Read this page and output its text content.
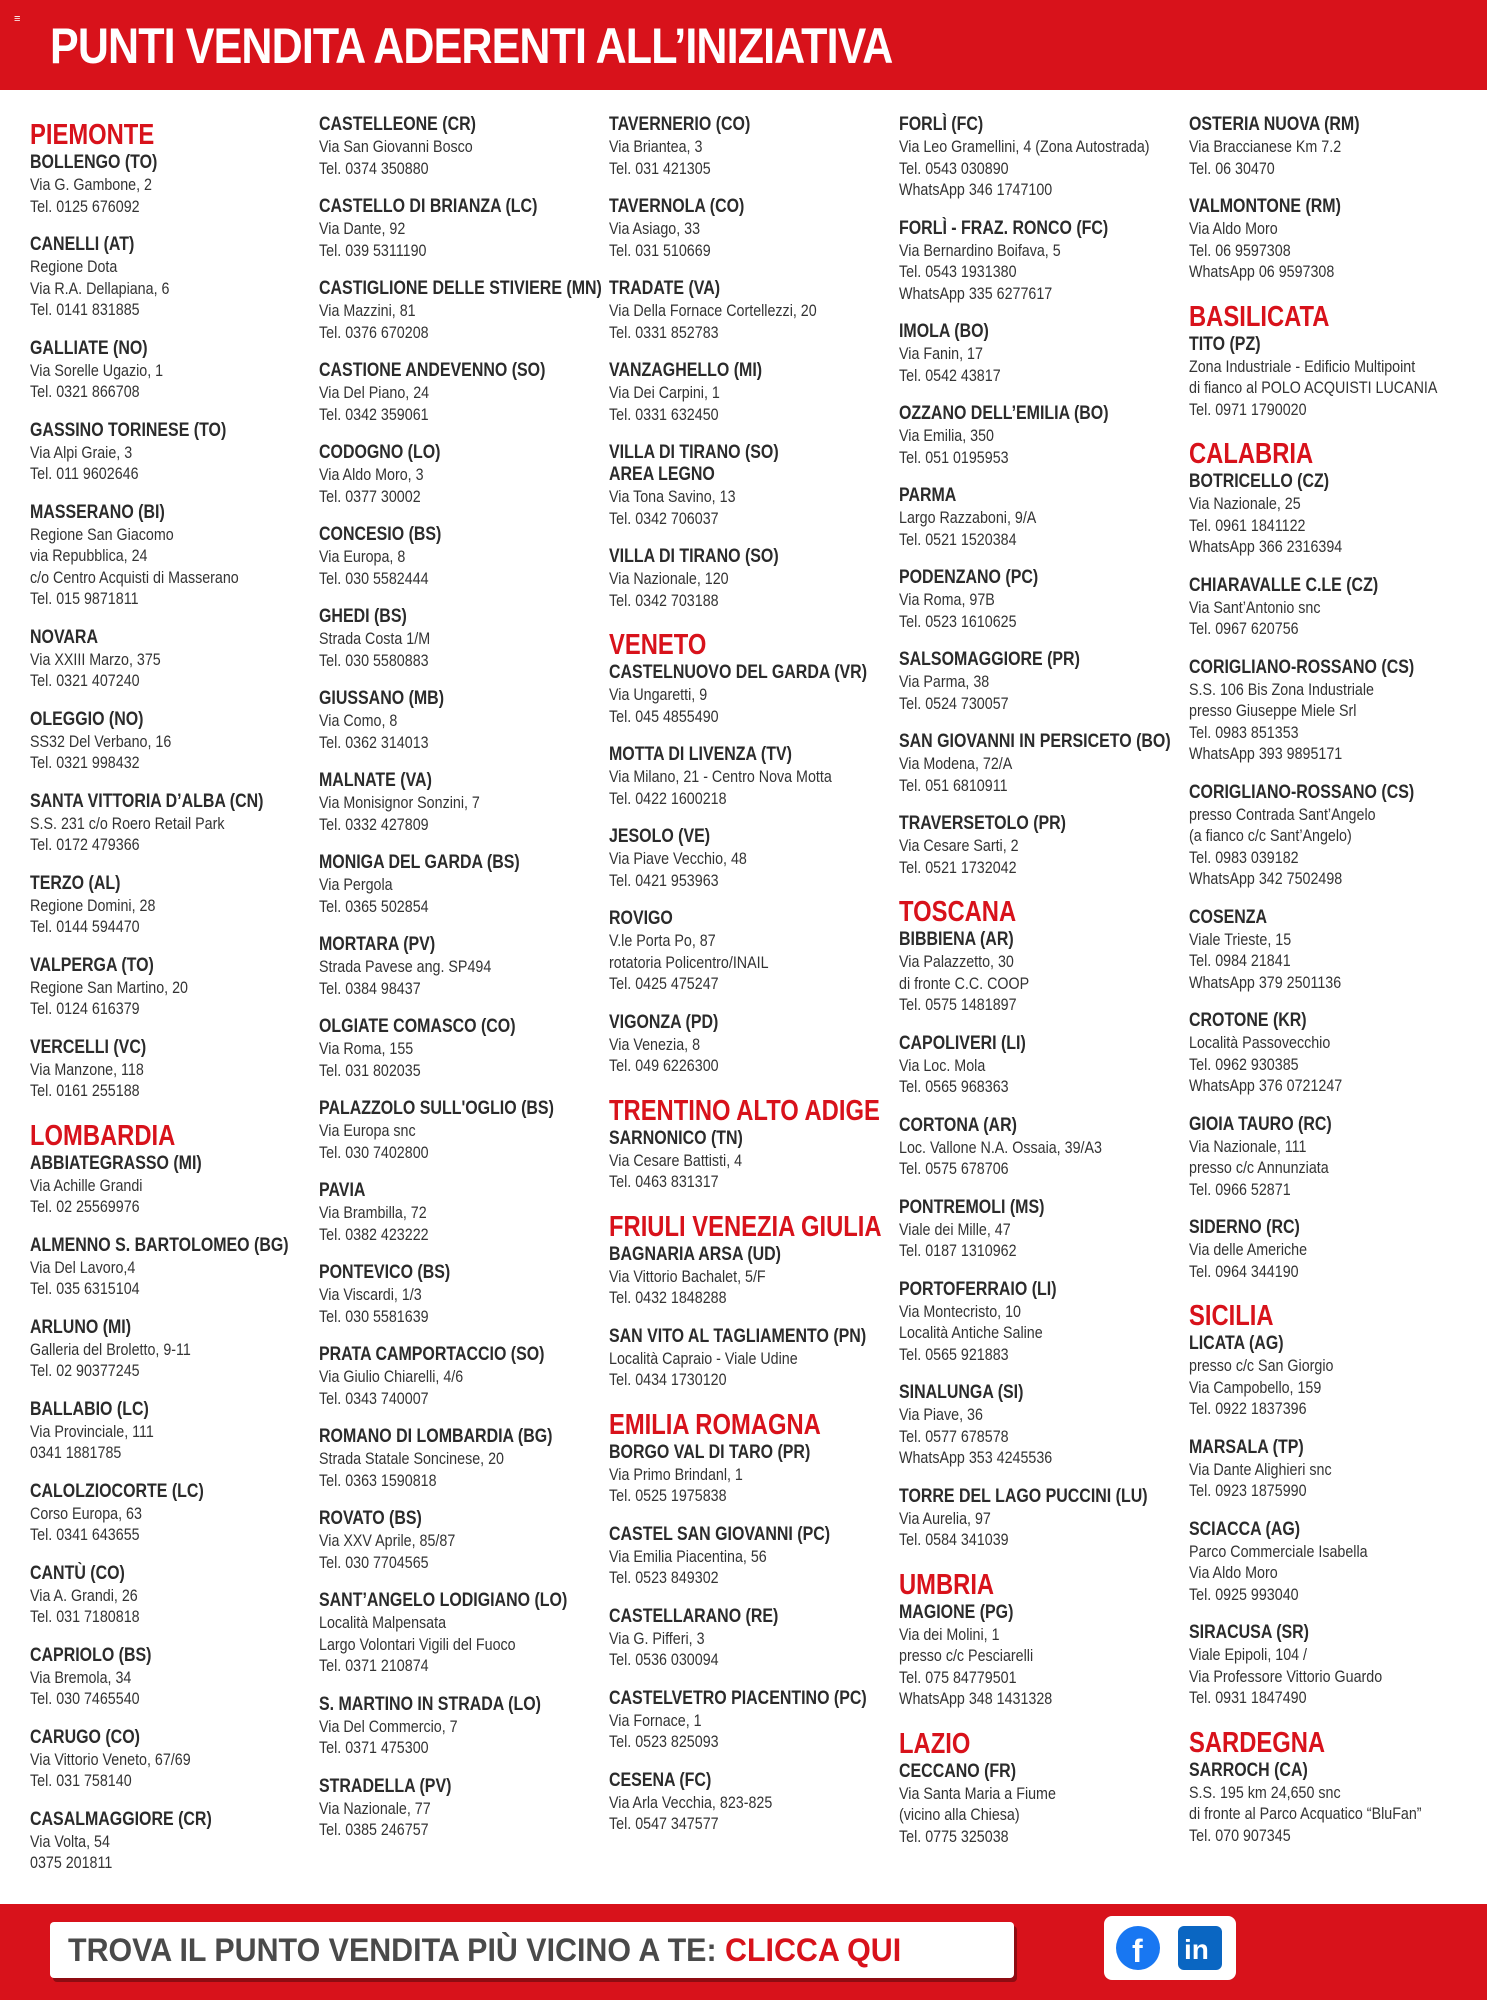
≡ PUNTI VENDITA ADERENTI ALL’INIZIATIVA
PIEMONTE
BOLLENGO (TO)
Via G. Gambone, 2
Tel. 0125 676092
CANELLI (AT)
Regione Dota
Via R.A. Dellapiana, 6
Tel. 0141 831885
GALLIATE (NO)
Via Sorelle Ugazio, 1
Tel. 0321 866708
GASSINO TORINESE (TO)
Via Alpi Graie, 3
Tel. 011 9602646
MASSERANO (BI)
Regione San Giacomo
via Repubblica, 24
c/o Centro Acquisti di Masserano
Tel. 015 9871811
NOVARA
Via XXIII Marzo, 375
Tel. 0321 407240
OLEGGIO (NO)
SS32 Del Verbano, 16
Tel. 0321 998432
SANTA VITTORIA D’ALBA (CN)
S.S. 231 c/o Roero Retail Park
Tel. 0172 479366
TERZO (AL)
Regione Domini, 28
Tel. 0144 594470
VALPERGA (TO)
Regione San Martino, 20
Tel. 0124 616379
VERCELLI (VC)
Via Manzone, 118
Tel. 0161 255188
LOMBARDIA
ABBIATEGRASSO (MI)
Via Achille Grandi
Tel. 02 25569976
ALMENNO S. BARTOLOMEO (BG)
Via Del Lavoro,4
Tel. 035 6315104
ARLUNO (MI)
Galleria del Broletto, 9-11
Tel. 02 90377245
BALLABIO (LC)
Via Provinciale, 111
0341 1881785
CALOLZIOCORTE (LC)
Corso Europa, 63
Tel. 0341 643655
CANTÙ (CO)
Via A. Grandi, 26
Tel. 031 7180818
CAPRIOLO (BS)
Via Bremola, 34
Tel. 030 7465540
CARUGO (CO)
Via Vittorio Veneto, 67/69
Tel. 031 758140
CASALMAGGIORE (CR)
Via Volta, 54
0375 201811
CASTELLEONE (CR)
Via San Giovanni Bosco
Tel. 0374 350880
CASTELLO DI BRIANZA (LC)
Via Dante, 92
Tel. 039 5311190
CASTIGLIONE DELLE STIVIERE (MN)
Via Mazzini, 81
Tel. 0376 670208
CASTIONE ANDEVENNO (SO)
Via Del Piano, 24
Tel. 0342 359061
CODOGNO (LO)
Via Aldo Moro, 3
Tel. 0377 30002
CONCESIO (BS)
Via Europa, 8
Tel. 030 5582444
GHEDI (BS)
Strada Costa 1/M
Tel. 030 5580883
GIUSSANO (MB)
Via Como, 8
Tel. 0362 314013
MALNATE (VA)
Via Monisignor Sonzini, 7
Tel. 0332 427809
MONIGA DEL GARDA (BS)
Via Pergola
Tel. 0365 502854
MORTARA (PV)
Strada Pavese ang. SP494
Tel. 0384 98437
OLGIATE COMASCO (CO)
Via Roma, 155
Tel. 031 802035
PALAZZOLO SULL'OGLIO (BS)
Via Europa snc
Tel. 030 7402800
PAVIA
Via Brambilla, 72
Tel. 0382 423222
PONTEVICO (BS)
Via Viscardi, 1/3
Tel. 030 5581639
PRATA CAMPORTACCIO (SO)
Via Giulio Chiarelli, 4/6
Tel. 0343 740007
ROMANO DI LOMBARDIA (BG)
Strada Statale Soncinese, 20
Tel. 0363 1590818
ROVATO (BS)
Via XXV Aprile, 85/87
Tel. 030 7704565
SANT’ANGELO LODIGIANO (LO)
Località Malpensata
Largo Volontari Vigili del Fuoco
Tel. 0371 210874
S. MARTINO IN STRADA (LO)
Via Del Commercio, 7
Tel. 0371 475300
STRADELLA (PV)
Via Nazionale, 77
Tel. 0385 246757
TAVERNERIO (CO)
Via Briantea, 3
Tel. 031 421305
TAVERNOLA (CO)
Via Asiago, 33
Tel. 031 510669
TRADATE (VA)
Via Della Fornace Cortellezzi, 20
Tel. 0331 852783
VANZAGHELLO (MI)
Via Dei Carpini, 1
Tel. 0331 632450
VILLA DI TIRANO (SO)
AREA LEGNO
Via Tona Savino, 13
Tel. 0342 706037
VILLA DI TIRANO (SO)
Via Nazionale, 120
Tel. 0342 703188
VENETO
CASTELNUOVO DEL GARDA (VR)
Via Ungaretti, 9
Tel. 045 4855490
MOTTA DI LIVENZA (TV)
Via Milano, 21 - Centro Nova Motta
Tel. 0422 1600218
JESOLO (VE)
Via Piave Vecchio, 48
Tel. 0421 953963
ROVIGO
V.le Porta Po, 87
rotatoria Policentro/INAIL
Tel. 0425 475247
VIGONZA (PD)
Via Venezia, 8
Tel. 049 6226300
TRENTINO ALTO ADIGE
SARNONICO (TN)
Via Cesare Battisti, 4
Tel. 0463 831317
FRIULI VENEZIA GIULIA
BAGNARIA ARSA (UD)
Via Vittorio Bachalet, 5/F
Tel. 0432 1848288
SAN VITO AL TAGLIAMENTO (PN)
Località Capraio - Viale Udine
Tel. 0434 1730120
EMILIA ROMAGNA
BORGO VAL DI TARO (PR)
Via Primo Brindanl, 1
Tel. 0525 1975838
CASTEL SAN GIOVANNI (PC)
Via Emilia Piacentina, 56
Tel. 0523 849302
CASTELLARANO (RE)
Via G. Pifferi, 3
Tel. 0536 030094
CASTELVETRO PIACENTINO (PC)
Via Fornace, 1
Tel. 0523 825093
CESENA (FC)
Via Arla Vecchia, 823-825
Tel. 0547 347577
FORLÌ (FC)
Via Leo Gramellini, 4 (Zona Autostrada)
Tel. 0543 030890
WhatsApp 346 1747100
FORLÌ - FRAZ. RONCO (FC)
Via Bernardino Boifava, 5
Tel. 0543 1931380
WhatsApp 335 6277617
IMOLA (BO)
Via Fanin, 17
Tel. 0542 43817
OZZANO DELL’EMILIA (BO)
Via Emilia, 350
Tel. 051 0195953
PARMA
Largo Razzaboni, 9/A
Tel. 0521 1520384
PODENZANO (PC)
Via Roma, 97B
Tel. 0523 1610625
SALSOMAGGIORE (PR)
Via Parma, 38
Tel. 0524 730057
SAN GIOVANNI IN PERSICETO (BO)
Via Modena, 72/A
Tel. 051 6810911
TRAVERSETOLO (PR)
Via Cesare Sarti, 2
Tel. 0521 1732042
TOSCANA
BIBBIENA (AR)
Via Palazzetto, 30
di fronte C.C. COOP
Tel. 0575 1481897
CAPOLIVERI (LI)
Via Loc. Mola
Tel. 0565 968363
CORTONA (AR)
Loc. Vallone N.A. Ossaia, 39/A3
Tel. 0575 678706
PONTREMOLI (MS)
Viale dei Mille, 47
Tel. 0187 1310962
PORTOFERRAIO (LI)
Via Montecristo, 10
Località Antiche Saline
Tel. 0565 921883
SINALUNGA (SI)
Via Piave, 36
Tel. 0577 678578
WhatsApp 353 4245536
TORRE DEL LAGO PUCCINI (LU)
Via Aurelia, 97
Tel. 0584 341039
UMBRIA
MAGIONE (PG)
Via dei Molini, 1
presso c/c Pesciarelli
Tel. 075 84779501
WhatsApp 348 1431328
LAZIO
CECCANO (FR)
Via Santa Maria a Fiume
(vicino alla Chiesa)
Tel. 0775 325038
OSTERIA NUOVA (RM)
Via Braccianese Km 7.2
Tel. 06 30470
VALMONTONE (RM)
Via Aldo Moro
Tel. 06 9597308
WhatsApp 06 9597308
BASILICATA
TITO (PZ)
Zona Industriale - Edificio Multipoint
di fianco al POLO ACQUISTI LUCANIA
Tel. 0971 1790020
CALABRIA
BOTRICELLO (CZ)
Via Nazionale, 25
Tel. 0961 1841122
WhatsApp 366 2316394
CHIARAVALLE C.LE (CZ)
Via Sant’Antonio snc
Tel. 0967 620756
CORIGLIANO-ROSSANO (CS)
S.S. 106 Bis Zona Industriale
presso Giuseppe Miele Srl
Tel. 0983 851353
WhatsApp 393 9895171
CORIGLIANO-ROSSANO (CS)
presso Contrada Sant’Angelo
(a fianco c/c Sant’Angelo)
Tel. 0983 039182
WhatsApp 342 7502498
COSENZA
Viale Trieste, 15
Tel. 0984 21841
WhatsApp 379 2501136
CROTONE (KR)
Località Passovecchio
Tel. 0962 930385
WhatsApp 376 0721247
GIOIA TAURO (RC)
Via Nazionale, 111
presso c/c Annunziata
Tel. 0966 52871
SIDERNO (RC)
Via delle Americhe
Tel. 0964 344190
SICILIA
LICATA (AG)
presso c/c San Giorgio
Via Campobello, 159
Tel. 0922 1837396
MARSALA (TP)
Via Dante Alighieri snc
Tel. 0923 1875990
SCIACCA (AG)
Parco Commerciale Isabella
Via Aldo Moro
Tel. 0925 993040
SIRACUSA (SR)
Viale Epipoli, 104 /
Via Professore Vittorio Guardo
Tel. 0931 1847490
SARDEGNA
SARROCH (CA)
S.S. 195 km 24,650 snc
di fronte al Parco Acquatico “BluFan”
Tel. 070 907345
TROVA IL PUNTO VENDITA PIÙ VICINO A TE: CLICCA QUI	f in
